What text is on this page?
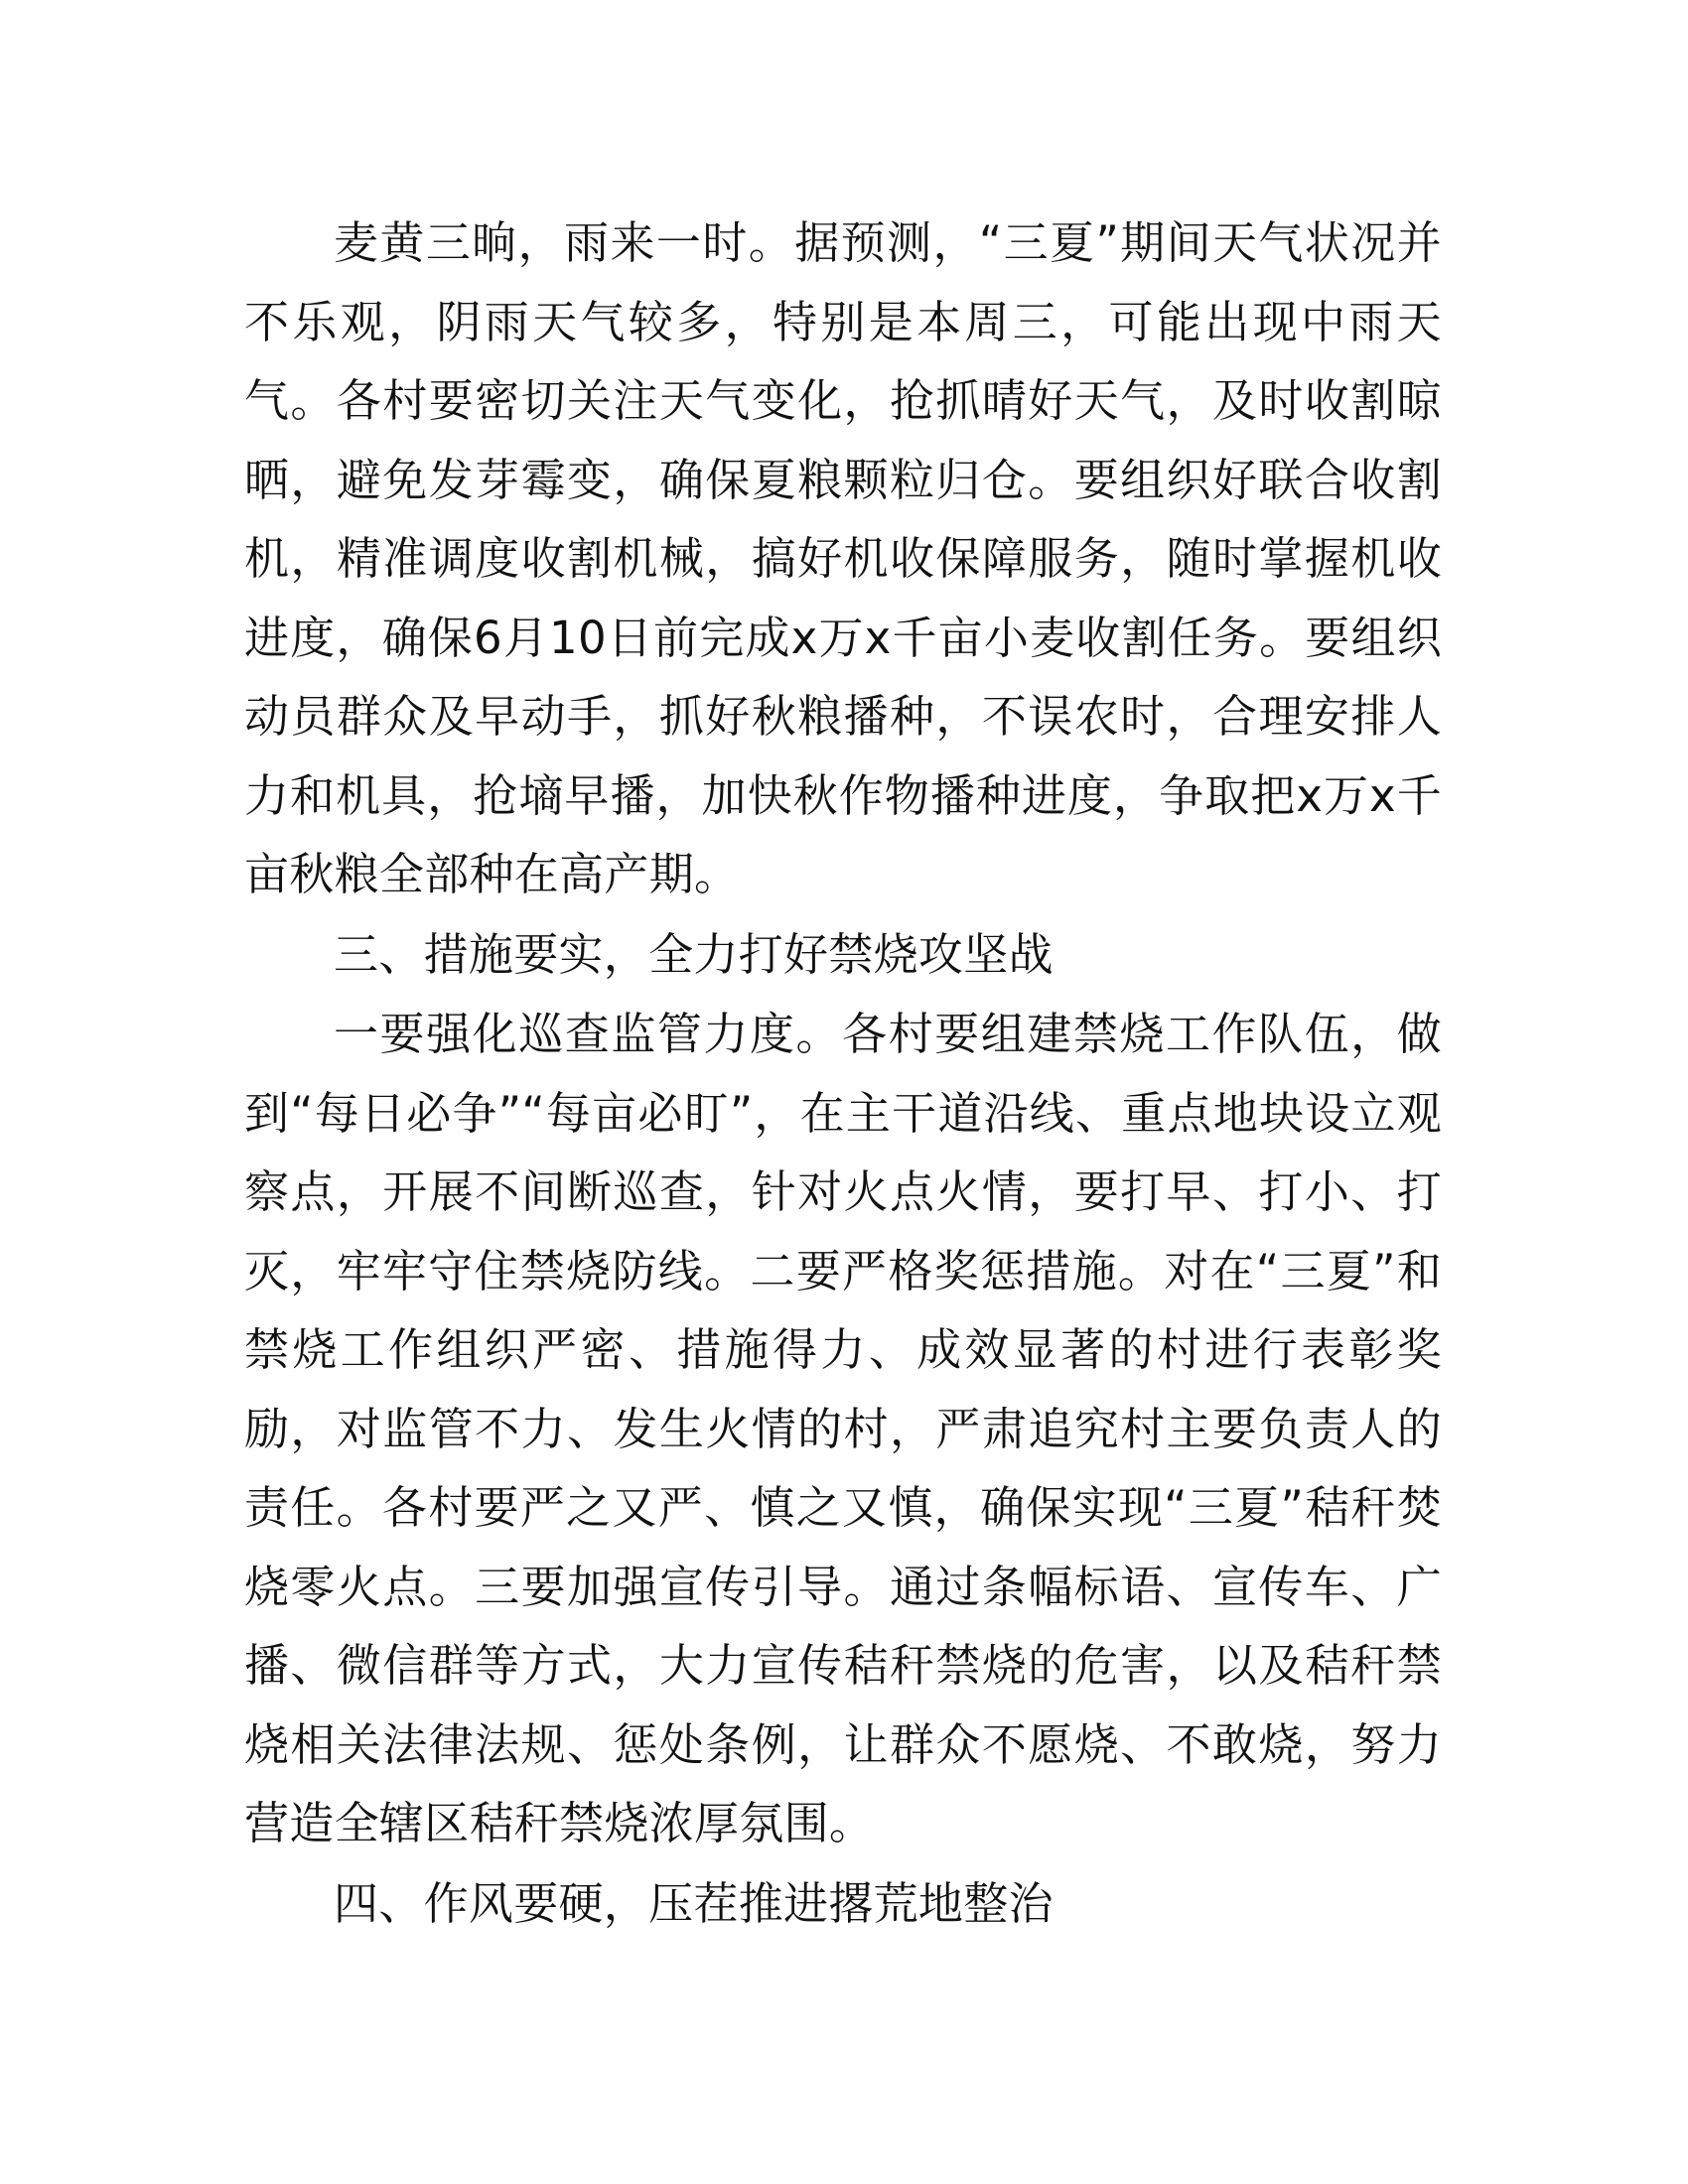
麦黄三晌，雨来一时。据预测，“三夏”期间天气状况并不乐观，阴雨天气较多，特别是本周三，可能出现中雨天气。各村要密切关注天气变化，抢抓晴好天气，及时收割晾晒，避免发芽霉变，确保夏粮颗粒归仓。要组织好联合收割机，精准调度收割机械，搞好机收保障服务，随时掌握机收进度，确保6月10日前完成x万x千亩小麦收割任务。要组织动员群众及早动手，抓好秋粮播种，不误农时，合理安排人力和机具，抢墒早播，加快秋作物播种进度，争取把x万x千亩秋粮全部种在高产期。

三、措施要实，全力打好禁烧攻坚战

一要强化巡查监管力度。各村要组建禁烧工作队伍，做到“每日必争”“每亩必盯”，在主干道沿线、重点地块设立观察点，开展不间断巡查，针对火点火情，要打早、打小、打灭，牢牢守住禁烧防线。二要严格奖惩措施。对在“三夏”和禁烧工作组织严密、措施得力、成效显著的村进行表彰奖励，对监管不力、发生火情的村，严肃追究村主要负责人的责任。各村要严之又严、慎之又慎，确保实现“三夏”秸秆焚烧零火点。三要加强宣传引导。通过条幅标语、宣传车、广播、微信群等方式，大力宣传秸秆禁烧的危害，以及秸秆禁烧相关法律法规、惩处条例，让群众不愿烧、不敢烧，努力营造全辖区秸秆禁烧浓厚氛围。

四、作风要硬，压茬推进撂荒地整治
